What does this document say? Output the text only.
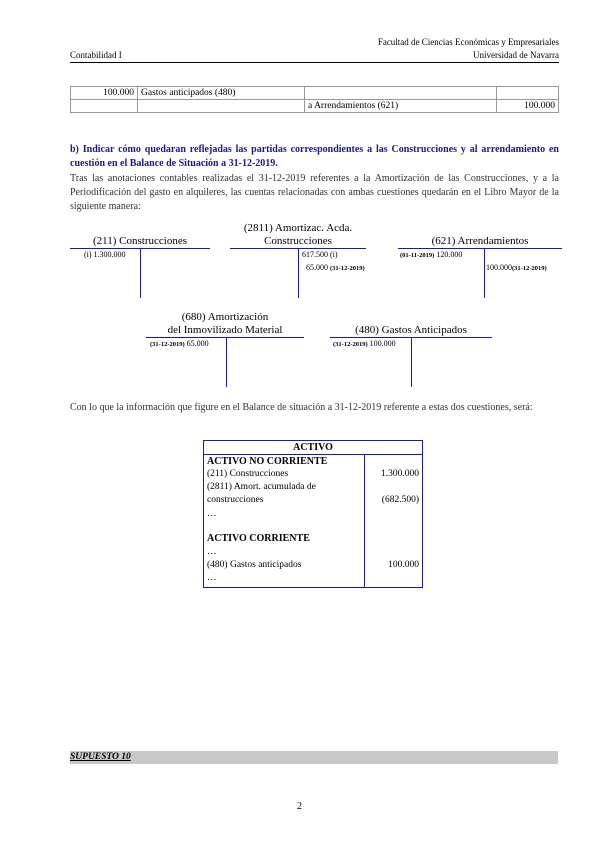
Facultad de Ciencias Económicas y Empresariales
Contabilidad I	Universidad de Navarra
100.000	Gastos anticipados (480)		
		a Arrendamientos (621)	100.000
b) Indicar cómo quedaran reflejadas las partidas correspondientes a las Construcciones y al arrendamiento en cuestión en el Balance de Situación a 31-12-2019.
Tras las anotaciones contables realizadas el 31-12-2019 referentes a la Amortización de las Construcciones, y a la Periodificación del gasto en alquileres, las cuentas relacionadas con ambas cuestiones quedarán en el Libro Mayor de la siguiente manera:
(211) Construcciones
(i) 1.300.000
(2811) Amortizac. Acda.
Construcciones
617.500 (i)
65.000 (31-12-2019)
(621) Arrendamientos
(01-11-2019) 120.000
100.000(31-12-2019)
(680) Amortización
del Inmovilizado Material
(31-12-2019) 65.000
(480) Gastos Anticipados
(31-12-2019) 100.000
Con lo que la información que figure en el Balance de situación a 31-12-2019 referente a estas dos cuestiones, será:
ACTIVO
ACTIVO NO CORRIENTE
(211) Construcciones	1.300.000
(2811) Amort. acumulada de
construcciones	(682.500)
…
ACTIVO CORRIENTE
…
(480) Gastos anticipados	100.000
…
SUPUESTO 10
2
